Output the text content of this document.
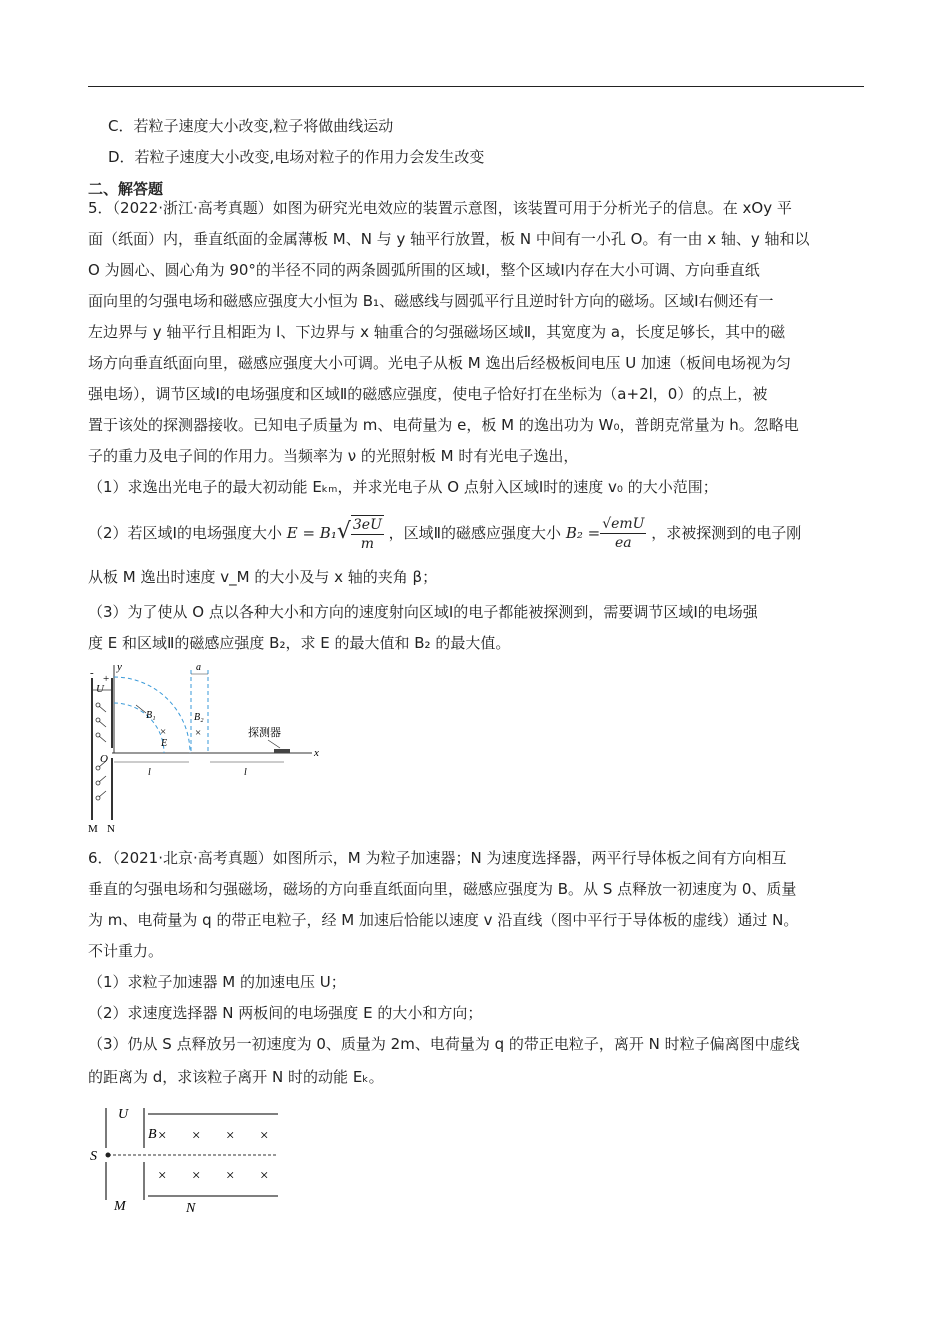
C．若粒子速度大小改变,粒子将做曲线运动
D．若粒子速度大小改变,电场对粒子的作用力会发生改变
二、解答题
5．（2022·浙江·高考真题）如图为研究光电效应的装置示意图，该装置可用于分析光子的信息。在 xOy 平
面（纸面）内，垂直纸面的金属薄板 M、N 与 y 轴平行放置，板 N 中间有一小孔 O。有一由 x 轴、y 轴和以
O 为圆心、圆心角为 90°的半径不同的两条圆弧所围的区域Ⅰ，整个区域Ⅰ内存在大小可调、方向垂直纸
面向里的匀强电场和磁感应强度大小恒为 B₁、磁感线与圆弧平行且逆时针方向的磁场。区域Ⅰ右侧还有一
左边界与 y 轴平行且相距为 l、下边界与 x 轴重合的匀强磁场区域Ⅱ，其宽度为 a，长度足够长，其中的磁
场方向垂直纸面向里，磁感应强度大小可调。光电子从板 M 逸出后经极板间电压 U 加速（板间电场视为匀
强电场），调节区域Ⅰ的电场强度和区域Ⅱ的磁感应强度，使电子恰好打在坐标为（a+2l，0）的点上，被
置于该处的探测器接收。已知电子质量为 m、电荷量为 e，板 M 的逸出功为 W₀，普朗克常量为 h。忽略电
子的重力及电子间的作用力。当频率为 ν 的光照射板 M 时有光电子逸出，
（1）求逸出光电子的最大初动能 Eₖₘ，并求光电子从 O 点射入区域Ⅰ时的速度 v₀ 的大小范围；
（2）若区域Ⅰ的电场强度大小 $E = B_1√ \frac{3eU}{m}$ ，区域Ⅱ的磁感应强度大小 $B_2 = \frac{\text{√emU}}{ea}$ ，求被探测到的电子刚
从板 M 逸出时速度 v_M 的大小及与 x 轴的夹角 β；
（3）为了使从 O 点以各种大小和方向的速度射向区域Ⅰ的电子都能被探测到，需要调节区域Ⅰ的电场强
度 E 和区域Ⅱ的磁感应强度 B₂，求 E 的最大值和 B₂ 的最大值。
- +
U
y
x
O
B₁
×
E
a
B₂
×	探测器
l	l
M N
6．（2021·北京·高考真题）如图所示，M 为粒子加速器；N 为速度选择器，两平行导体板之间有方向相互
垂直的匀强电场和匀强磁场，磁场的方向垂直纸面向里，磁感应强度为 B。从 S 点释放一初速度为 0、质量
为 m、电荷量为 q 的带正电粒子，经 M 加速后恰能以速度 v 沿直线（图中平行于导体板的虚线）通过 N。
不计重力。
（1）求粒子加速器 M 的加速电压 U；
（2）求速度选择器 N 两板间的电场强度 E 的大小和方向；
（3）仍从 S 点释放另一初速度为 0、质量为 2m、电荷量为 q 的带正电粒子，离开 N 时粒子偏离图中虚线
的距离为 d，求该粒子离开 N 时的动能 Eₖ。
U
M
S
B × × × ×
× × × ×
N
